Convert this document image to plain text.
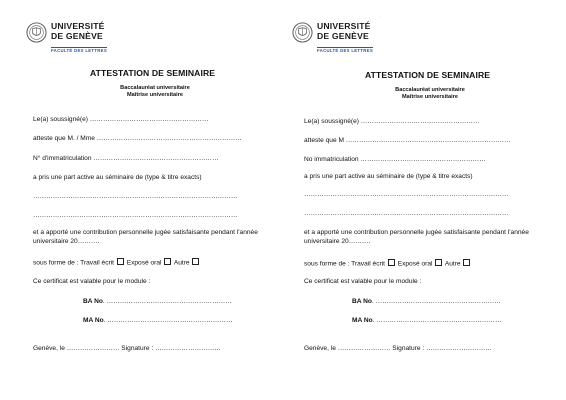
UNIVERSITÉ
DE GENÈVE
FACULTÉ DES LETTRES
ATTESTATION DE SEMINAIRE
Baccalauréat universitaire
Maîtrise universitaire
Le(a) soussigné(e) ………………………………………………
atteste que M. / Mme …………………………………………………………
N° d'immatriculation …………………………………………………
a pris une part active au séminaire de (type & titre exacts)
…………………………………………………………………………………
…………………………………………………………………………………
et a apporté une contribution personnelle jugée satisfaisante pendant l'année universitaire 20……….
sous forme de : Travail écrit Exposé oral Autre
Ce certificat est valable pour le module :
BA No. …………………………………………………
MA No. …………………………………………………
Genève, le …………………… Signature : …………………………
·
UNIVERSITÉ
DE GENÈVE
FACULTÉ DES LETTRES
ATTESTATION DE SEMINAIRE
Baccalauréat universitaire
Maîtrise universitaire
Le(a) soussigné(e) ………………………………………………
atteste que M …………………………………………………………………
No immatriculation …………………………………………………
a pris une part active au séminaire de (type & titre exacts)
…………………………………………………………………………………
…………………………………………………………………………………
et a apporté une contribution personnelle jugée satisfaisante pendant l'année universitaire 20……….
sous forme de : Travail écrit Exposé oral Autre
Ce certificat est valable pour le module :
BA No. …………………………………………………
MA No. …………………………………………………
Genève, le …………………… Signature : …………………………
